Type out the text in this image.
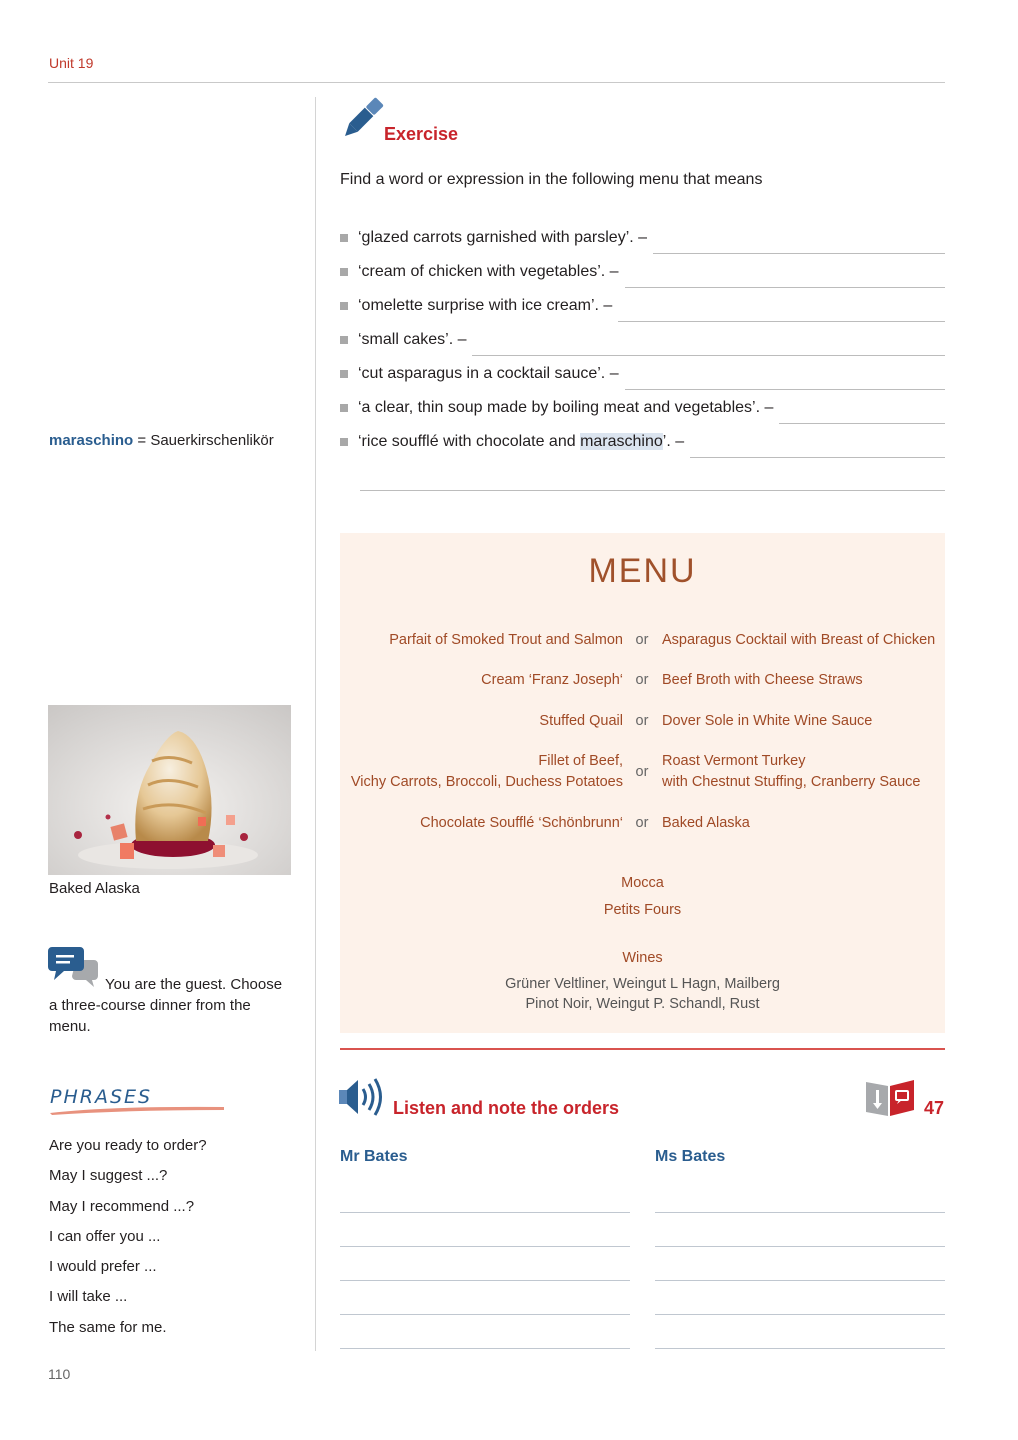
Unit 19
Exercise
Find a word or expression in the following menu that means
‘glazed carrots garnished with parsley’. –
‘cream of chicken with vegetables’. –
‘omelette surprise with ice cream’. –
‘small cakes’. –
‘cut asparagus in a cocktail sauce’. –
‘a clear, thin soup made by boiling meat and vegetables’. –
‘rice soufflé with chocolate and maraschino’. –
maraschino = Sauerkirschenlikör
MENU
Parfait of Smoked Trout and Salmon or Asparagus Cocktail with Breast of Chicken
Cream ‘Franz Joseph‘ or Beef Broth with Cheese Straws
Stuffed Quail or Dover Sole in White Wine Sauce
Fillet of Beef,
Vichy Carrots, Broccoli, Duchess Potatoes
or
Roast Vermont Turkey
with Chestnut Stuffing, Cranberry Sauce
Chocolate Soufflé ‘Schönbrunn‘ or Baked Alaska
Mocca
Petits Fours
Wines
Grüner Veltliner, Weingut L Hagn, Mailberg
Pinot Noir, Weingut P. Schandl, Rust
Baked Alaska
You are the guest. Choose a three-course dinner from the menu.
PHRASES
Are you ready to order?
May I suggest ...?
May I recommend ...?
I can offer you ...
I would prefer ...
I will take ...
The same for me.
Listen and note the orders	47
Mr Bates	Ms Bates
110
